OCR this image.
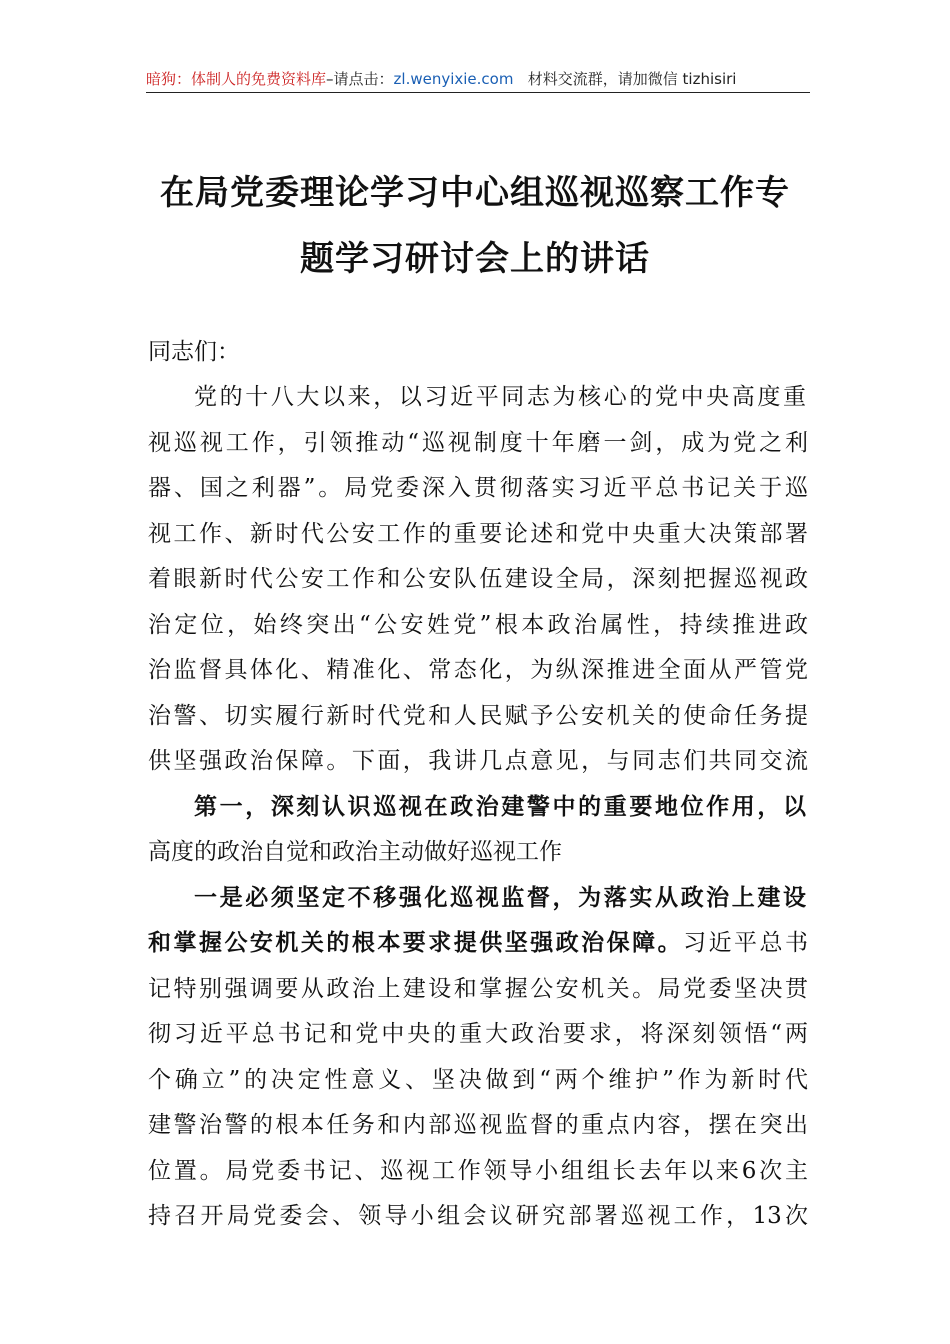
暗狗：体制人的免费资料库–请点击：zl.wenyixie.com 材料交流群，请加微信 tizhisiri
在局党委理论学习中心组巡视巡察工作专
题学习研讨会上的讲话
同志们：
党的十八大以来，以习近平同志为核心的党中央高度重
视巡视工作，引领推动“巡视制度十年磨一剑，成为党之利
器、国之利器”。局党委深入贯彻落实习近平总书记关于巡
视工作、新时代公安工作的重要论述和党中央重大决策部署
着眼新时代公安工作和公安队伍建设全局，深刻把握巡视政
治定位，始终突出“公安姓党”根本政治属性，持续推进政
治监督具体化、精准化、常态化，为纵深推进全面从严管党
治警、切实履行新时代党和人民赋予公安机关的使命任务提
供坚强政治保障。下面，我讲几点意见，与同志们共同交流
第一，深刻认识巡视在政治建警中的重要地位作用，以
高度的政治自觉和政治主动做好巡视工作
一是必须坚定不移强化巡视监督，为落实从政治上建设
和掌握公安机关的根本要求提供坚强政治保障。习近平总书
记特别强调要从政治上建设和掌握公安机关。局党委坚决贯
彻习近平总书记和党中央的重大政治要求，将深刻领悟“两
个确立”的决定性意义、坚决做到“两个维护”作为新时代
建警治警的根本任务和内部巡视监督的重点内容，摆在突出
位置。局党委书记、巡视工作领导小组组长去年以来6次主
持召开局党委会、领导小组会议研究部署巡视工作，13次
